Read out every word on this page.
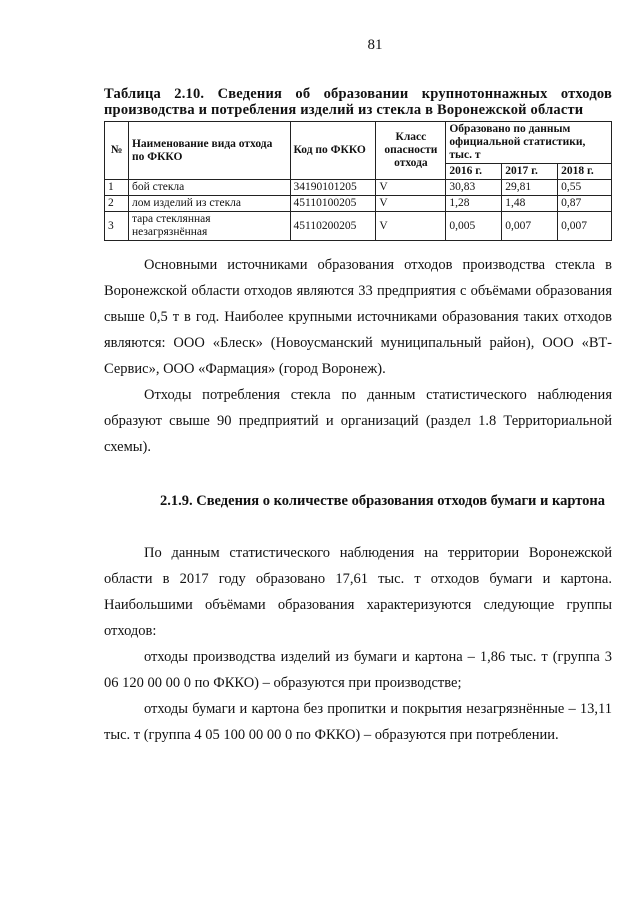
81
Таблица 2.10. Сведения об образовании крупнотоннажных отходов производства и потребления изделий из стекла в Воронежской области
№	Наименование вида отхода по ФККО	Код по ФККО	Класс опасности отхода	Образовано по данным официальной статистики, тыс. т		
				2016 г.	2017 г.	2018 г.
1	бой стекла	34190101205	V	30,83	29,81	0,55
2	лом изделий из стекла	45110100205	V	1,28	1,48	0,87
3	тара стеклянная незагрязнённая	45110200205	V	0,005	0,007	0,007

Основными источниками образования отходов производства стекла в Воронежской области отходов являются 33 предприятия с объёмами образования свыше 0,5 т в год. Наиболее крупными источниками образования таких отходов являются: ООО «Блеск» (Новоусманский муниципальный район), ООО «ВТ-Сервис», ООО «Фармация» (город Воронеж).

Отходы потребления стекла по данным статистического наблюдения образуют свыше 90 предприятий и организаций (раздел 1.8 Территориальной схемы).

2.1.9. Сведения о количестве образования отходов бумаги и картона

По данным статистического наблюдения на территории Воронежской области в 2017 году образовано 17,61 тыс. т отходов бумаги и картона. Наибольшими объёмами образования характеризуются следующие группы отходов:

отходы производства изделий из бумаги и картона – 1,86 тыс. т (группа 3 06 120 00 00 0 по ФККО) – образуются при производстве;

отходы бумаги и картона без пропитки и покрытия незагрязнённые – 13,11 тыс. т (группа 4 05 100 00 00 0 по ФККО) – образуются при потреблении.
